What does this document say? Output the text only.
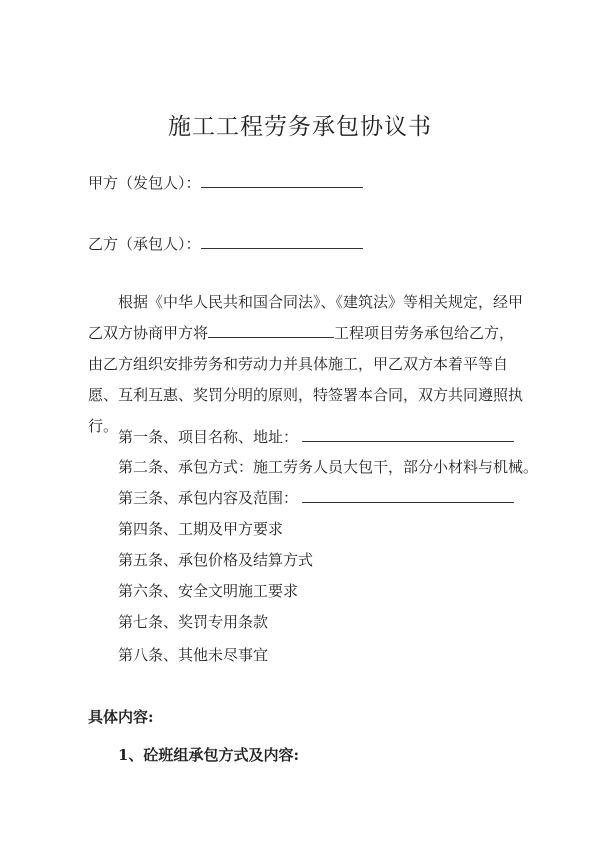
施工工程劳务承包协议书
甲方（发包人）：
乙方（承包人）：
根据《中华人民共和国合同法》、《建筑法》等相关规定，经甲乙双方协商甲方将	工程项目劳务承包给乙方，由乙方组织安排劳务和劳动力并具体施工，甲乙双方本着平等自愿、互利互惠、奖罚分明的原则，特签署本合同，双方共同遵照执行。
第一条、项目名称、地址：
第二条、承包方式：施工劳务人员大包干，部分小材料与机械。
第三条、承包内容及范围：
第四条、工期及甲方要求
第五条、承包价格及结算方式
第六条、安全文明施工要求
第七条、奖罚专用条款
第八条、其他未尽事宜
具体内容:
1、砼班组承包方式及内容:
